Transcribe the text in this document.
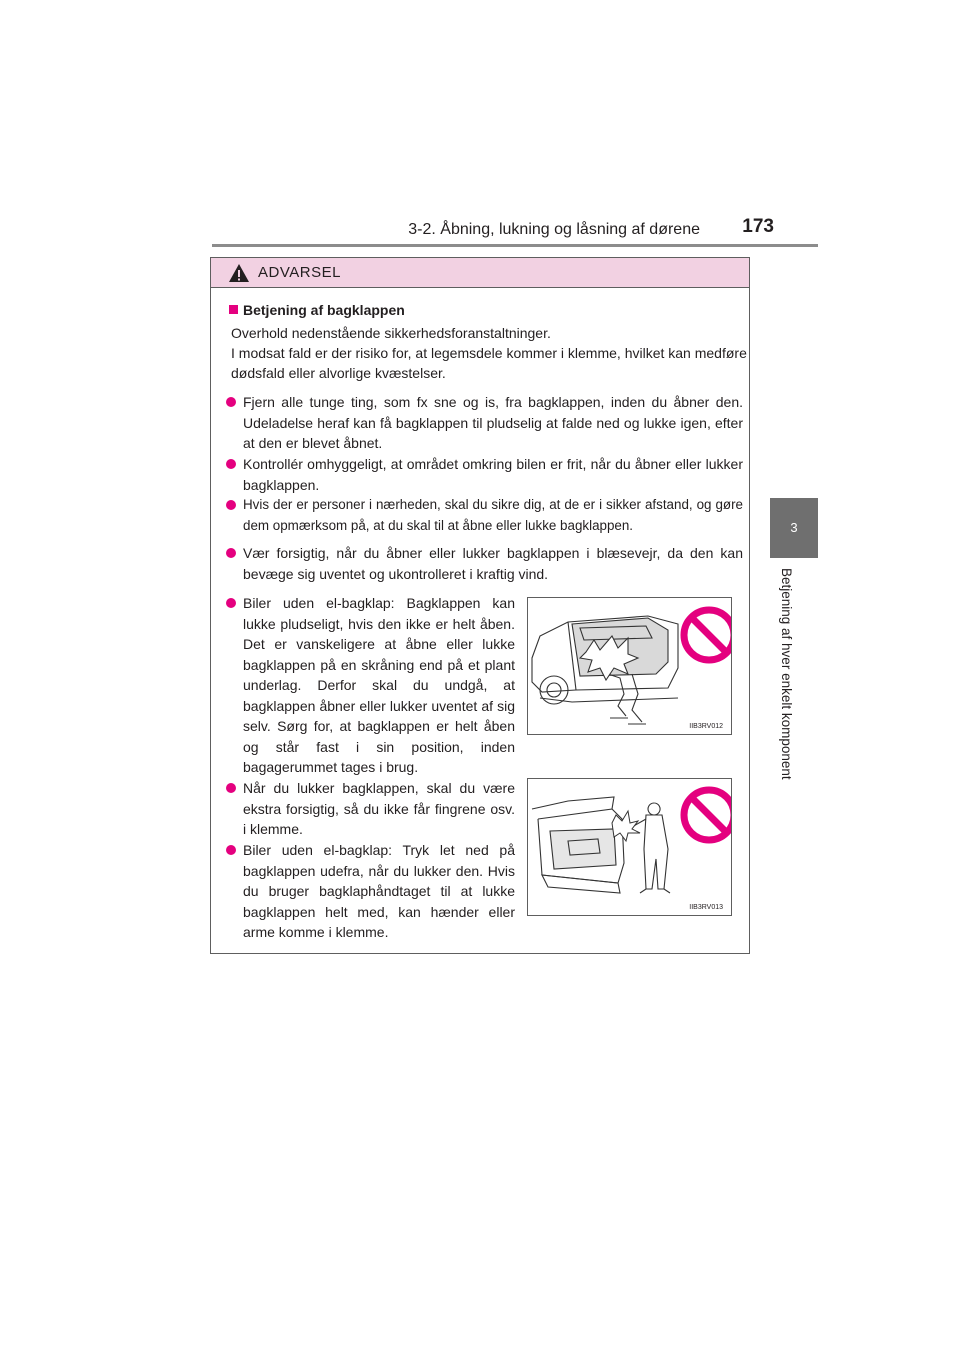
3-2. Åbning, lukning og låsning af dørene	173
3
Betjening af hver enkelt komponent
ADVARSEL
Betjening af bagklappen
Overhold nedenstående sikkerhedsforanstaltninger.
I modsat fald er der risiko for, at legemsdele kommer i klemme, hvilket kan medføre dødsfald eller alvorlige kvæstelser.
Fjern alle tunge ting, som fx sne og is, fra bagklappen, inden du åbner den. Udeladelse heraf kan få bagklappen til pludselig at falde ned og lukke igen, efter at den er blevet åbnet.
Kontrollér omhyggeligt, at området omkring bilen er frit, når du åbner eller lukker bagklappen.
Hvis der er personer i nærheden, skal du sikre dig, at de er i sikker afstand, og gøre dem opmærksom på, at du skal til at åbne eller lukke bagklappen.
Vær forsigtig, når du åbner eller lukker bagklappen i blæsevejr, da den kan bevæge sig uventet og ukontrolleret i kraftig vind.
Biler uden el-bagklap: Bagklappen kan lukke pludseligt, hvis den ikke er helt åben. Det er vanskeligere at åbne eller lukke bagklappen på en skråning end på et plant underlag. Derfor skal du undgå, at bagklappen åbner eller lukker uventet af sig selv. Sørg for, at bagklappen er helt åben og står fast i sin position, inden bagagerummet tages i brug.
Når du lukker bagklappen, skal du være ekstra forsigtig, så du ikke får fingrene osv. i klemme.
Biler uden el-bagklap: Tryk let ned på bagklappen udefra, når du lukker den. Hvis du bruger bagklaphåndtaget til at lukke bagklappen helt med, kan hænder eller arme komme i klemme.
IIB3RV012
IIB3RV013
